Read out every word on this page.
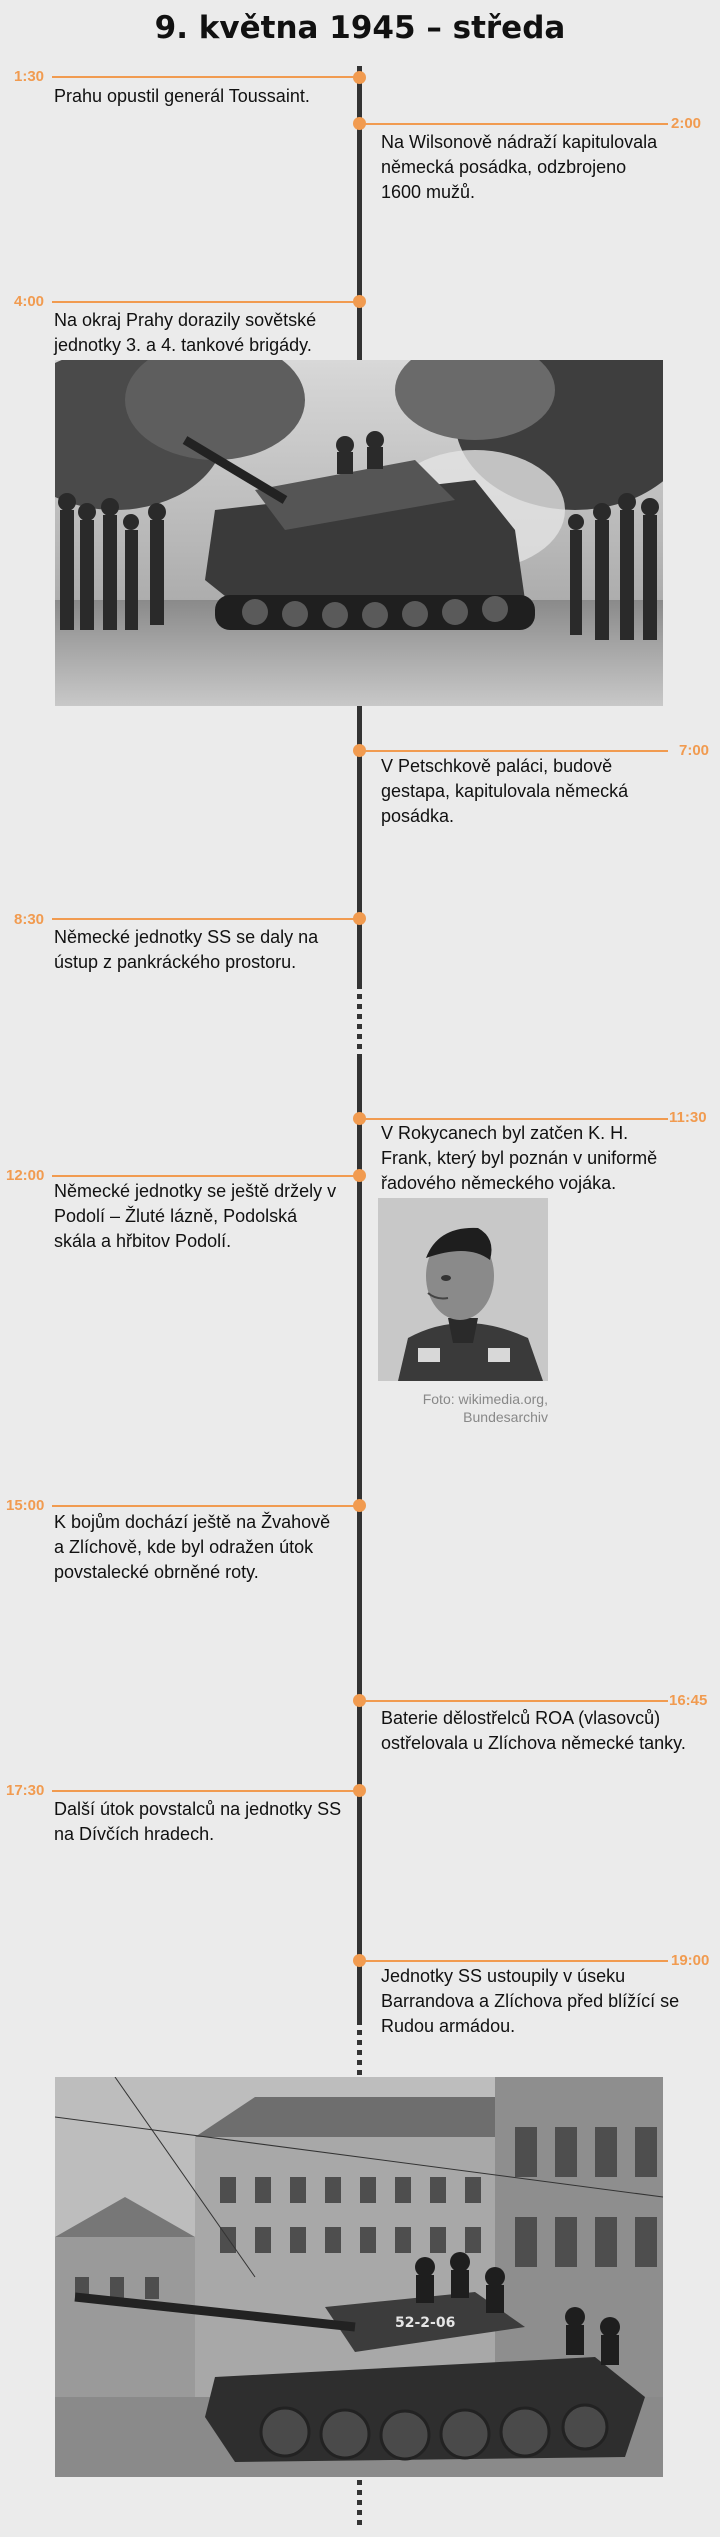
9. května 1945 – středa
1:30
Prahu opustil generál Toussaint.
2:00
Na Wilsonově nádraží kapitulovala německá posádka, odzbrojeno 1600 mužů.
4:00
Na okraj Prahy dorazily sovětské jednotky 3. a 4. tankové brigády.
7:00
V Petschkově paláci, budově gestapa, kapitulovala německá posádka.
8:30
Německé jednotky SS se daly na ústup z pankráckého prostoru.
11:30
V Rokycanech byl zatčen K. H. Frank, který byl poznán v uniformě řadového německého vojáka.
12:00
Německé jednotky se ještě držely v Podolí – Žluté lázně, Podolská skála a hřbitov Podolí.
Foto: wikimedia.org, Bundesarchiv
15:00
K bojům dochází ještě na Žvahově a Zlíchově, kde byl odražen útok povstalecké obrněné roty.
16:45
Baterie dělostřelců ROA (vlasovců) ostřelovala u Zlíchova německé tanky.
17:30
Další útok povstalců na jednotky SS na Dívčích hradech.
19:00
Jednotky SS ustoupily v úseku Barrandova a Zlíchova před blížící se Rudou armádou.
52-2-06
